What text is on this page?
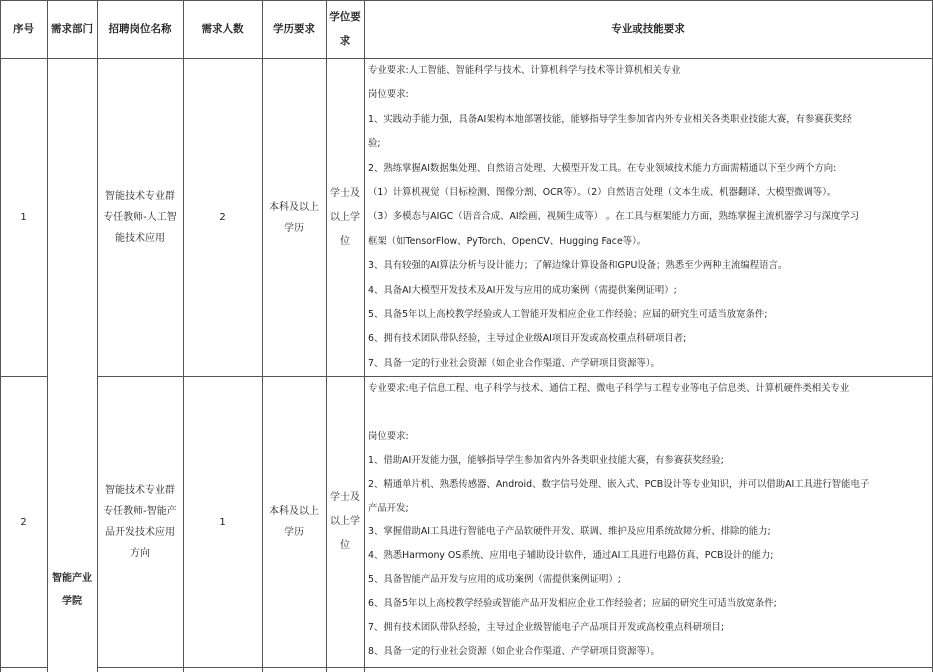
序号 需求部门 招聘岗位名称	需求人数	学历要求
学位要
求
专业或技能要求
智能产业
学院
1
智能技术专业群
专任教师-人工智
能技术应用
2
本科及以上
学历
学士及
以上学
位
专业要求:人工智能、智能科学与技术、计算机科学与技术等计算机相关专业
岗位要求:
1、实践动手能力强，具备AI架构本地部署技能，能够指导学生参加省内外专业相关各类职业技能大赛，有参赛获奖经
验;
2、熟练掌握AI数据集处理、自然语言处理、大模型开发工具。在专业领域技术能力方面需精通以下至少两个方向:
（1）计算机视觉（目标检测、图像分割、OCR等）。（2）自然语言处理（文本生成、机器翻译、大模型微调等）。
（3）多模态与AIGC（语音合成、AI绘画、视频生成等） 。在工具与框架能力方面，熟练掌握主流机器学习与深度学习
框架（如TensorFlow、PyTorch、OpenCV、Hugging Face等）。
3、具有较强的AI算法分析与设计能力；了解边缘计算设备和GPU设备；熟悉至少两种主流编程语言。
4、具备AI大模型开发技术及AI开发与应用的成功案例（需提供案例证明）;
5、具备5年以上高校教学经验或人工智能开发相应企业工作经验；应届的研究生可适当放宽条件;
6、拥有技术团队带队经验，主导过企业级AI项目开发或高校重点科研项目者;
7、具备一定的行业社会资源（如企业合作渠道、产学研项目资源等）。
2
智能技术专业群
专任教师-智能产
品开发技术应用
方向
1
本科及以上
学历
学士及
以上学
位
专业要求:电子信息工程、电子科学与技术、通信工程、微电子科学与工程专业等电子信息类、计算机硬件类相关专业
岗位要求:
1、借助AI开发能力强，能够指导学生参加省内外各类职业技能大赛，有参赛获奖经验;
2、精通单片机、熟悉传感器、Android、数字信号处理、嵌入式、PCB设计等专业知识，并可以借助AI工具进行智能电子
产品开发;
3、掌握借助AI工具进行智能电子产品软硬件开发、联调、维护及应用系统故障分析、排除的能力;
4、熟悉Harmony OS系统、应用电子辅助设计软件，通过AI工具进行电路仿真、PCB设计的能力;
5、具备智能产品开发与应用的成功案例（需提供案例证明）;
6、具备5年以上高校教学经验或智能产品开发相应企业工作经验者；应届的研究生可适当放宽条件;
7、拥有技术团队带队经验，主导过企业级智能电子产品项目开发或高校重点科研项目;
8、具备一定的行业社会资源（如企业合作渠道、产学研项目资源等）。
